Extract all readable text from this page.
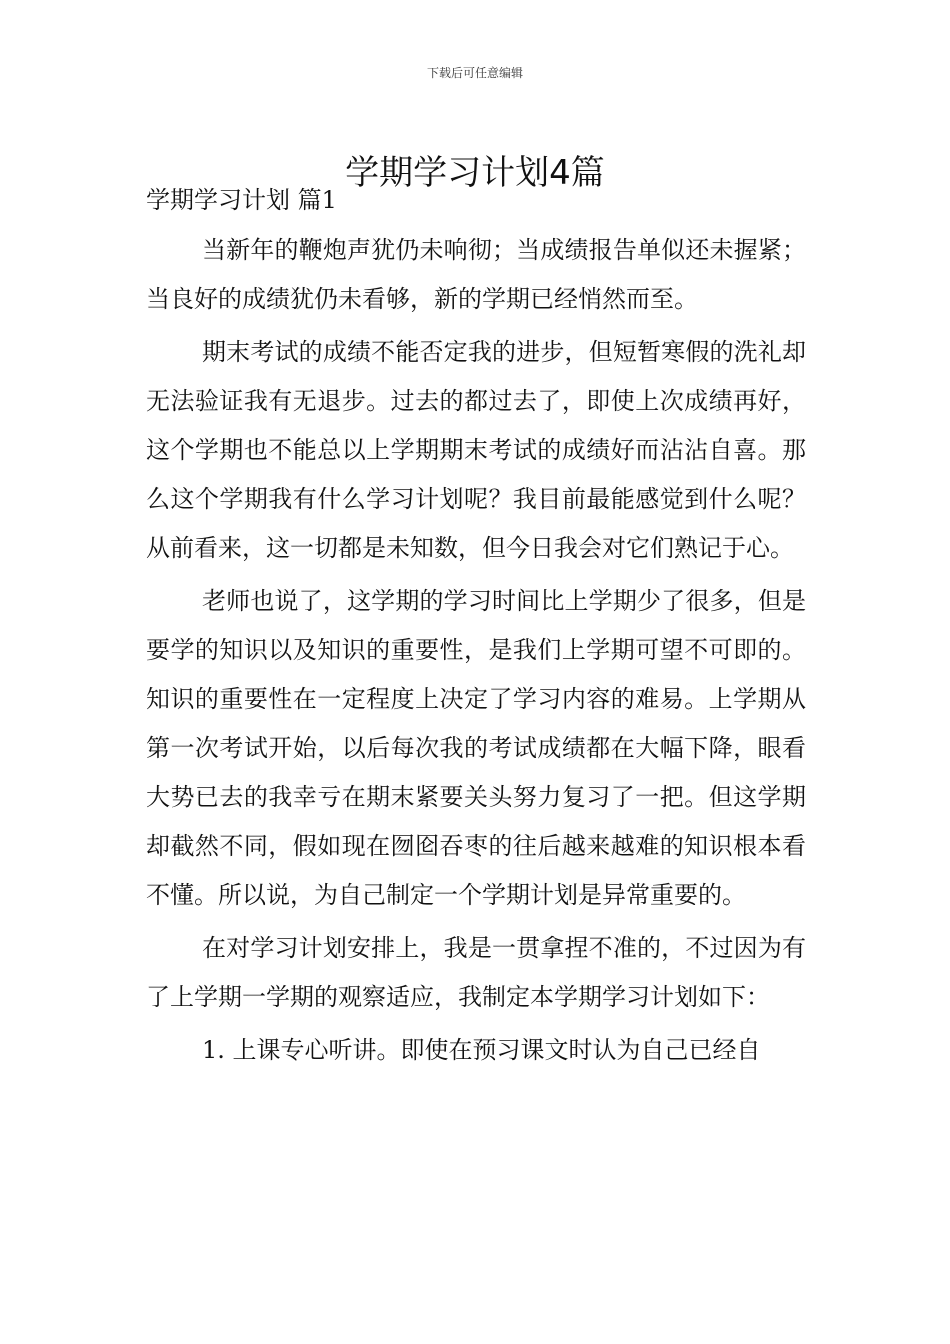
下载后可任意编辑
学期学习计划4篇
学期学习计划 篇1

当新年的鞭炮声犹仍未响彻；当成绩报告单似还未握紧；当良好的成绩犹仍未看够，新的学期已经悄然而至。

期末考试的成绩不能否定我的进步，但短暂寒假的洗礼却无法验证我有无退步。过去的都过去了，即使上次成绩再好，这个学期也不能总以上学期期末考试的成绩好而沾沾自喜。那么这个学期我有什么学习计划呢？我目前最能感觉到什么呢？从前看来，这一切都是未知数，但今日我会对它们熟记于心。

老师也说了，这学期的学习时间比上学期少了很多，但是要学的知识以及知识的重要性，是我们上学期可望不可即的。知识的重要性在一定程度上决定了学习内容的难易。上学期从第一次考试开始，以后每次我的考试成绩都在大幅下降，眼看大势已去的我幸亏在期末紧要关头努力复习了一把。但这学期却截然不同，假如现在囫囵吞枣的往后越来越难的知识根本看不懂。所以说，为自己制定一个学期计划是异常重要的。

在对学习计划安排上，我是一贯拿捏不准的，不过因为有了上学期一学期的观察适应，我制定本学期学习计划如下：

1. 上课专心听讲。即使在预习课文时认为自己已经自
